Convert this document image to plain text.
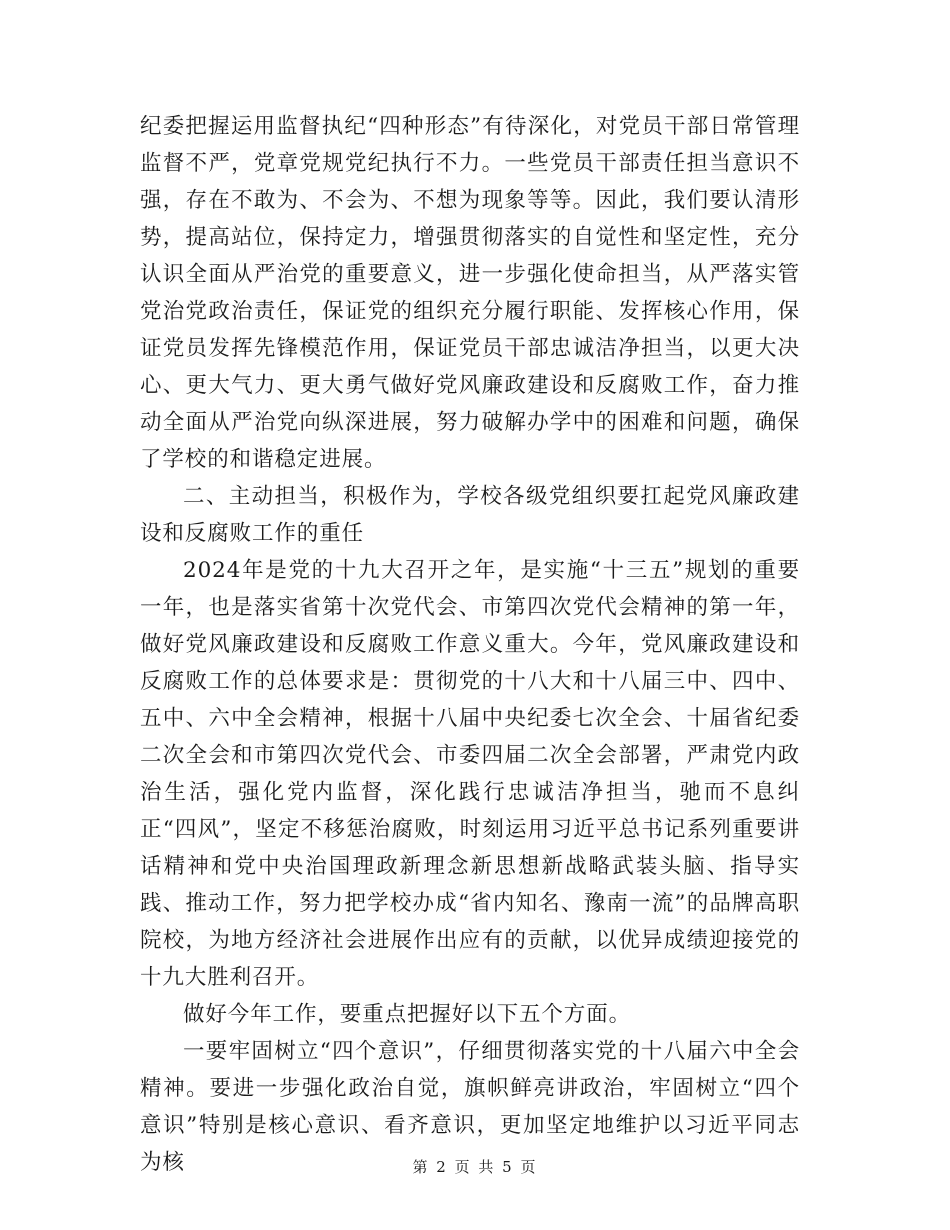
纪委把握运用监督执纪“四种形态”有待深化，对党员干部日常管理监督不严，党章党规党纪执行不力。一些党员干部责任担当意识不强，存在不敢为、不会为、不想为现象等等。因此，我们要认清形势，提高站位，保持定力，增强贯彻落实的自觉性和坚定性，充分认识全面从严治党的重要意义，进一步强化使命担当，从严落实管党治党政治责任，保证党的组织充分履行职能、发挥核心作用，保证党员发挥先锋模范作用，保证党员干部忠诚洁净担当，以更大决心、更大气力、更大勇气做好党风廉政建设和反腐败工作，奋力推动全面从严治党向纵深进展，努力破解办学中的困难和问题，确保了学校的和谐稳定进展。

二、主动担当，积极作为，学校各级党组织要扛起党风廉政建设和反腐败工作的重任

2024年是党的十九大召开之年，是实施“十三五”规划的重要一年，也是落实省第十次党代会、市第四次党代会精神的第一年，做好党风廉政建设和反腐败工作意义重大。今年，党风廉政建设和反腐败工作的总体要求是：贯彻党的十八大和十八届三中、四中、五中、六中全会精神，根据十八届中央纪委七次全会、十届省纪委二次全会和市第四次党代会、市委四届二次全会部署，严肃党内政治生活，强化党内监督，深化践行忠诚洁净担当，驰而不息纠正“四风”，坚定不移惩治腐败，时刻运用习近平总书记系列重要讲话精神和党中央治国理政新理念新思想新战略武装头脑、指导实践、推动工作，努力把学校办成“省内知名、豫南一流”的品牌高职院校，为地方经济社会进展作出应有的贡献，以优异成绩迎接党的十九大胜利召开。

做好今年工作，要重点把握好以下五个方面。

一要牢固树立“四个意识”，仔细贯彻落实党的十八届六中全会精神。要进一步强化政治自觉，旗帜鲜亮讲政治，牢固树立“四个意识”特别是核心意识、看齐意识，更加坚定地维护以习近平同志为核	第 2 页 共 5 页
